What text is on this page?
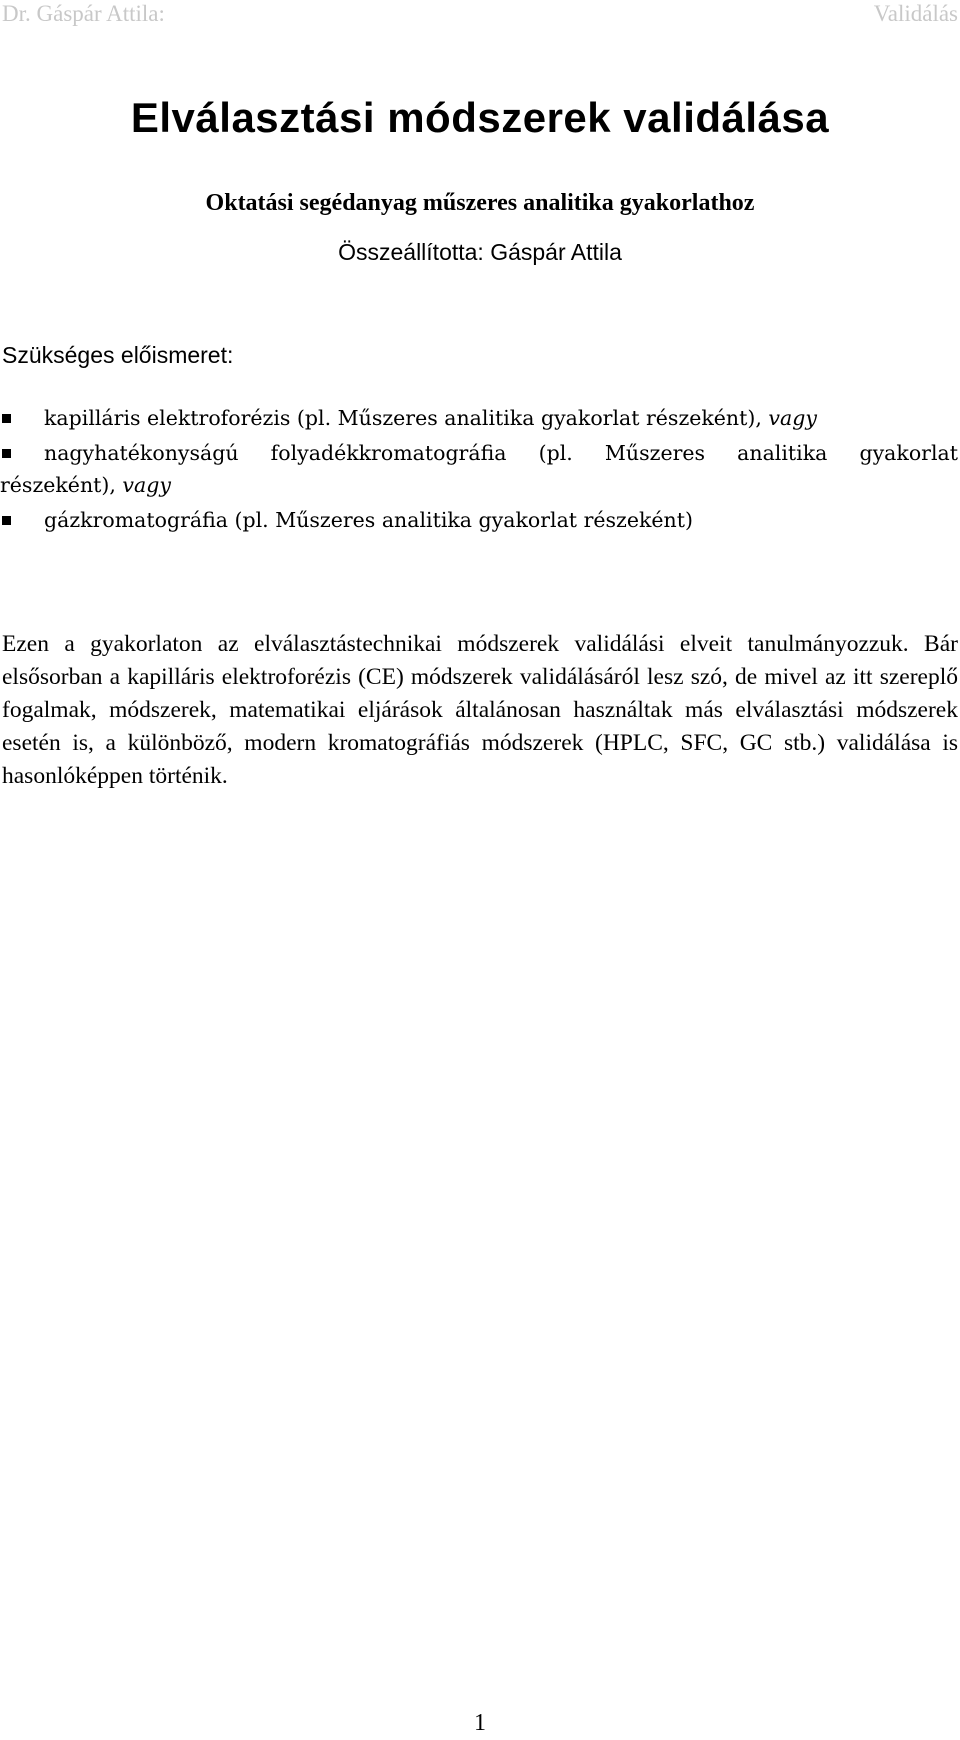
Dr. Gáspár Attila:	Validálás
Elválasztási módszerek validálása
Oktatási segédanyag műszeres analitika gyakorlathoz
Összeállította: Gáspár Attila
Szükséges előismeret:
kapilláris elektroforézis (pl. Műszeres analitika gyakorlat részeként), vagy
nagyhatékonyságú folyadékkromatográfia (pl. Műszeres analitika gyakorlat
részeként), vagy
gázkromatográfia (pl. Műszeres analitika gyakorlat részeként)

Ezen a gyakorlaton az elválasztástechnikai módszerek validálási elveit tanulmányozzuk. Bár elsősorban a kapilláris elektroforézis (CE) módszerek validálásáról lesz szó, de mivel az itt szereplő fogalmak, módszerek, matematikai eljárások általánosan használtak más elválasztási módszerek esetén is, a különböző, modern kromatográfiás módszerek (HPLC, SFC, GC stb.) validálása is hasonlóképpen történik.

1
